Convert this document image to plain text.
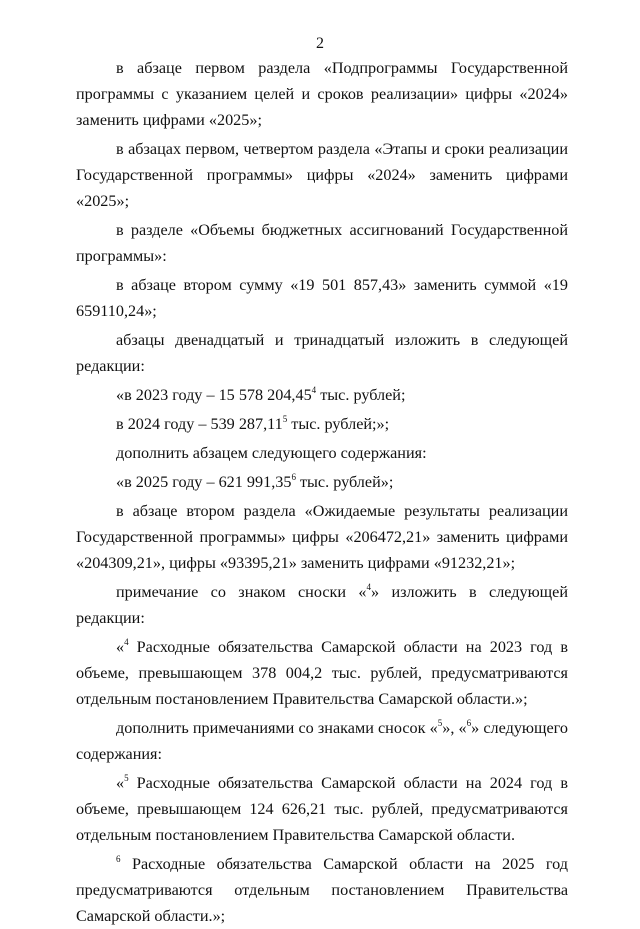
2

в абзаце первом раздела «Подпрограммы Государственной программы с указанием целей и сроков реализации» цифры «2024» заменить цифрами «2025»;

в абзацах первом, четвертом раздела «Этапы и сроки реализации Государственной программы» цифры «2024» заменить цифрами «2025»;

в разделе «Объемы бюджетных ассигнований Государственной программы»:

в абзаце втором сумму «19 501 857,43» заменить суммой «19 659110,24»;

абзацы двенадцатый и тринадцатый изложить в следующей редакции:

«в 2023 году – 15 578 204,45$^4$ тыс. рублей;

в 2024 году – 539 287,11$^5$ тыс. рублей;»;

дополнить абзацем следующего содержания:

«в 2025 году – 621 991,35$^6$ тыс. рублей»;

в абзаце втором раздела «Ожидаемые результаты реализации Государственной программы» цифры «206472,21» заменить цифрами «204309,21», цифры «93395,21» заменить цифрами «91232,21»;

примечание со знаком сноски «$^4$» изложить в следующей редакции:

«$^4$ Расходные обязательства Самарской области на 2023 год в объеме, превышающем 378 004,2 тыс. рублей, предусматриваются отдельным постановлением Правительства Самарской области.»;

дополнить примечаниями со знаками сносок «$^5$», «$^6$» следующего содержания:

«$^5$ Расходные обязательства Самарской области на 2024 год в объеме, превышающем 124 626,21 тыс. рублей, предусматриваются отдельным постановлением Правительства Самарской области.

$^6$ Расходные обязательства Самарской области на 2025 год предусматриваются отдельным постановлением Правительства Самарской области.»;
